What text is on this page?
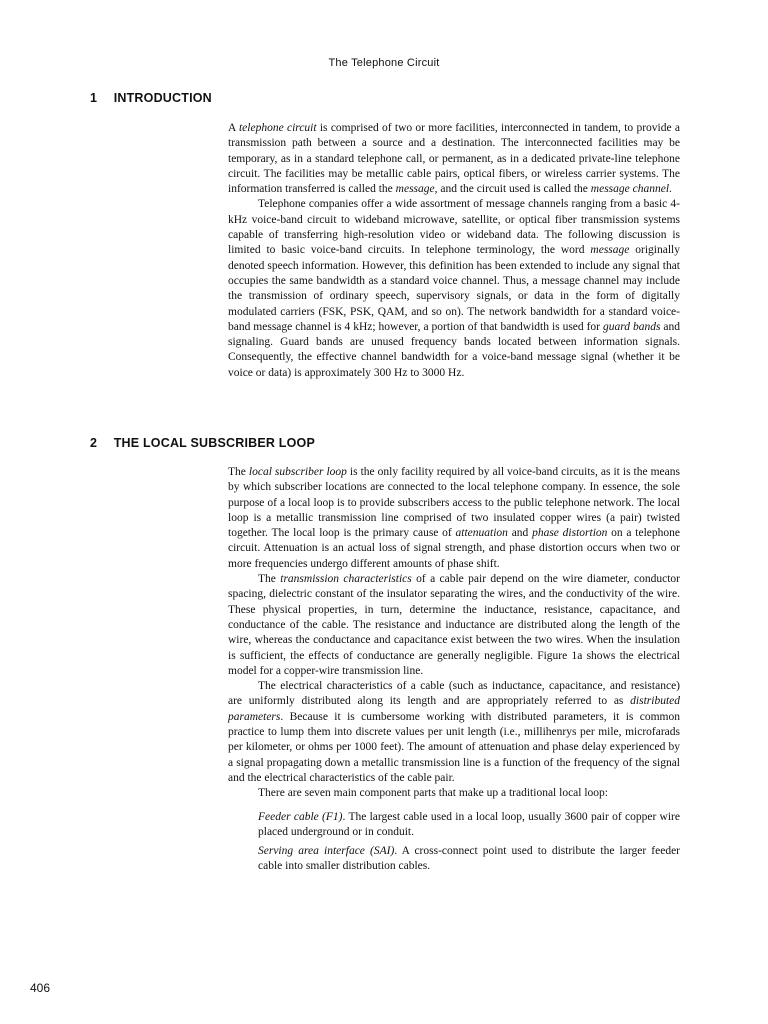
The Telephone Circuit
1 INTRODUCTION

A telephone circuit is comprised of two or more facilities, interconnected in tandem, to provide a transmission path between a source and a destination. The interconnected facilities may be temporary, as in a standard telephone call, or permanent, as in a dedicated private-line telephone circuit. The facilities may be metallic cable pairs, optical fibers, or wireless carrier systems. The information transferred is called the message, and the circuit used is called the message channel.

Telephone companies offer a wide assortment of message channels ranging from a basic 4-kHz voice-band circuit to wideband microwave, satellite, or optical fiber transmission systems capable of transferring high-resolution video or wideband data. The following discussion is limited to basic voice-band circuits. In telephone terminology, the word message originally denoted speech information. However, this definition has been extended to include any signal that occupies the same bandwidth as a standard voice channel. Thus, a message channel may include the transmission of ordinary speech, supervisory signals, or data in the form of digitally modulated carriers (FSK, PSK, QAM, and so on). The network bandwidth for a standard voice-band message channel is 4 kHz; however, a portion of that bandwidth is used for guard bands and signaling. Guard bands are unused frequency bands located between information signals. Consequently, the effective channel bandwidth for a voice-band message signal (whether it be voice or data) is approximately 300 Hz to 3000 Hz.

2 THE LOCAL SUBSCRIBER LOOP

The local subscriber loop is the only facility required by all voice-band circuits, as it is the means by which subscriber locations are connected to the local telephone company. In essence, the sole purpose of a local loop is to provide subscribers access to the public telephone network. The local loop is a metallic transmission line comprised of two insulated copper wires (a pair) twisted together. The local loop is the primary cause of attenuation and phase distortion on a telephone circuit. Attenuation is an actual loss of signal strength, and phase distortion occurs when two or more frequencies undergo different amounts of phase shift.

The transmission characteristics of a cable pair depend on the wire diameter, conductor spacing, dielectric constant of the insulator separating the wires, and the conductivity of the wire. These physical properties, in turn, determine the inductance, resistance, capacitance, and conductance of the cable. The resistance and inductance are distributed along the length of the wire, whereas the conductance and capacitance exist between the two wires. When the insulation is sufficient, the effects of conductance are generally negligible. Figure 1a shows the electrical model for a copper-wire transmission line.

The electrical characteristics of a cable (such as inductance, capacitance, and resistance) are uniformly distributed along its length and are appropriately referred to as distributed parameters. Because it is cumbersome working with distributed parameters, it is common practice to lump them into discrete values per unit length (i.e., millihenrys per mile, microfarads per kilometer, or ohms per 1000 feet). The amount of attenuation and phase delay experienced by a signal propagating down a metallic transmission line is a function of the frequency of the signal and the electrical characteristics of the cable pair.

There are seven main component parts that make up a traditional local loop:

Feeder cable (F1). The largest cable used in a local loop, usually 3600 pair of copper wire placed underground or in conduit.

Serving area interface (SAI). A cross-connect point used to distribute the larger feeder cable into smaller distribution cables.

406
